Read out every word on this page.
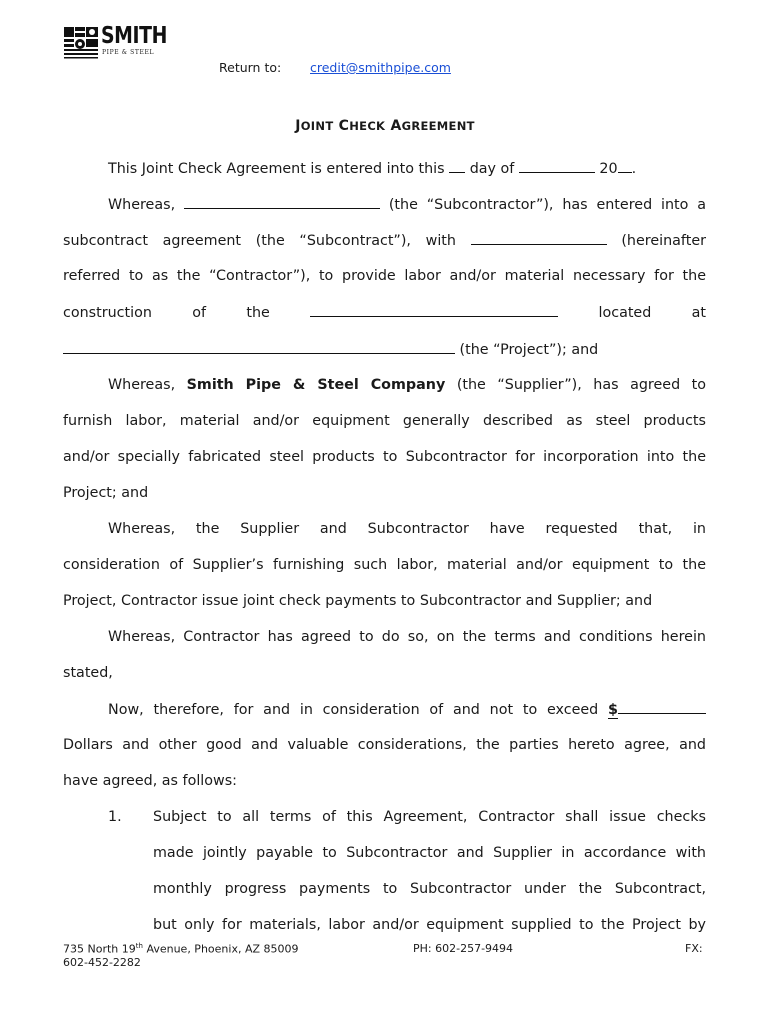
SMITH
PIPE & STEEL
Return to: credit@smithpipe.com
JOINT CHECK AGREEMENT
This Joint Check Agreement is entered into this day of	20 .
Whereas,	(the “Subcontractor”), has entered into a
subcontract agreement (the “Subcontract”), with	(hereinafter
referred to as the “Contractor”), to provide labor and/or material necessary for the
construction	of	the	located	at
(the “Project”); and
Whereas, Smith Pipe & Steel Company (the “Supplier”), has agreed to
furnish labor, material and/or equipment generally described as steel products
and/or specially fabricated steel products to Subcontractor for incorporation into the
Project; and
Whereas, the Supplier and Subcontractor have requested that, in
consideration of Supplier’s furnishing such labor, material and/or equipment to the
Project, Contractor issue joint check payments to Subcontractor and Supplier; and
Whereas, Contractor has agreed to do so, on the terms and conditions herein
stated,
Now, therefore, for and in consideration of and not to exceed $
Dollars and other good and valuable considerations, the parties hereto agree, and
have agreed, as follows:
1. Subject to all terms of this Agreement, Contractor shall issue checks
made jointly payable to Subcontractor and Supplier in accordance with
monthly progress payments to Subcontractor under the Subcontract,
but only for materials, labor and/or equipment supplied to the Project by
735 North 19th Avenue, Phoenix, AZ 85009	PH: 602-257-9494	FX:
602-452-2282
